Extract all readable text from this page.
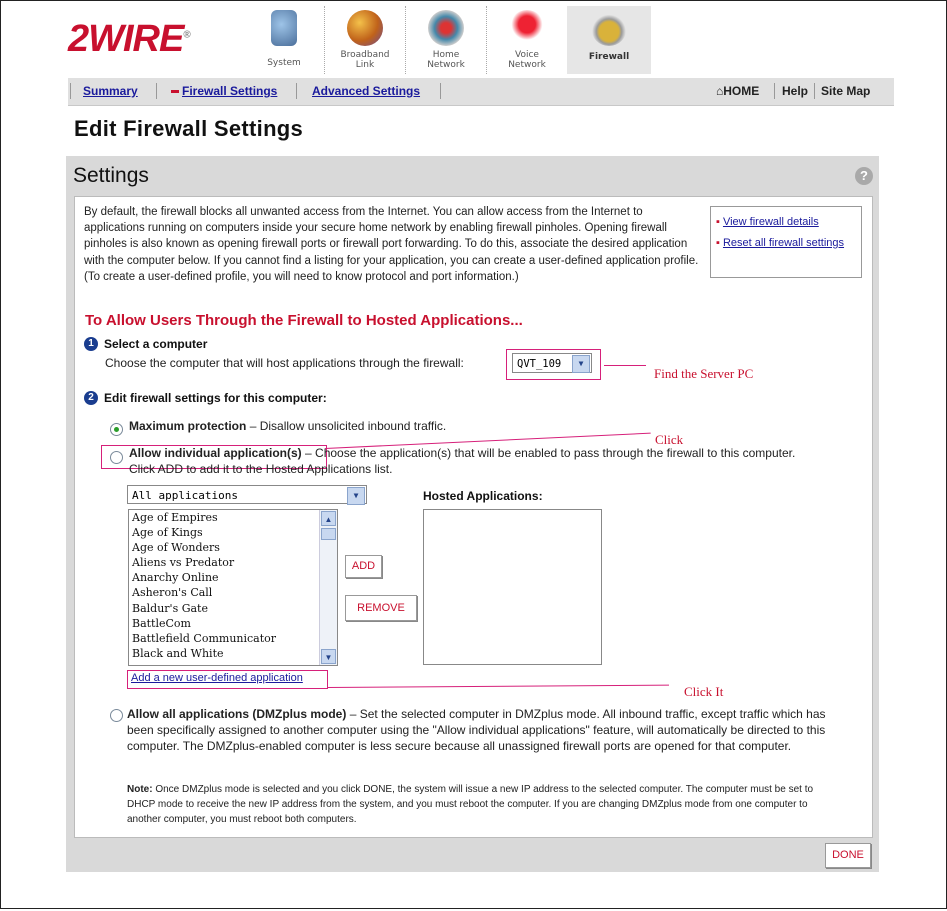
2WIRE®
System
Broadband
Link
Home
Network
Voice
Network
Firewall
Summary	Firewall Settings	Advanced Settings	⌂HOME Help Site Map
Edit Firewall Settings
Settings	?
By default, the firewall blocks all unwanted access from the Internet. You can allow access from the Internet to applications running on computers inside your secure home network by enabling firewall pinholes. Opening firewall pinholes is also known as opening firewall ports or firewall port forwarding. To do this, associate the desired application with the computer below. If you cannot find a listing for your application, you can create a user-defined application profile. (To create a user-defined profile, you will need to know protocol and port information.)
▪ View firewall details
▪ Reset all firewall settings
To Allow Users Through the Firewall to Hosted Applications...
1 Select a computer
Choose the computer that will host applications through the firewall:	QVT_109	▼
Find the Server PC
2 Edit firewall settings for this computer:
Maximum protection – Disallow unsolicited inbound traffic.
Allow individual application(s) – Choose the application(s) that will be enabled to pass through the firewall to this computer.
Click ADD to add it to the Hosted Applications list.
Click
All applications	▼	Hosted Applications:
Age of Empires
Age of Kings
Age of Wonders
Aliens vs Predator
Anarchy Online
Asheron's Call
Baldur's Gate
BattleCom
Battlefield Communicator
Black and White
▲
▼
ADD
REMOVE
Add a new user-defined application
Click It
Allow all applications (DMZplus mode) – Set the selected computer in DMZplus mode. All inbound traffic, except traffic which has been specifically assigned to another computer using the "Allow individual applications" feature, will automatically be directed to this computer. The DMZplus-enabled computer is less secure because all unassigned firewall ports are opened for that computer.
Note: Once DMZplus mode is selected and you click DONE, the system will issue a new IP address to the selected computer. The computer must be set to DHCP mode to receive the new IP address from the system, and you must reboot the computer. If you are changing DMZplus mode from one computer to another computer, you must reboot both computers.
DONE
